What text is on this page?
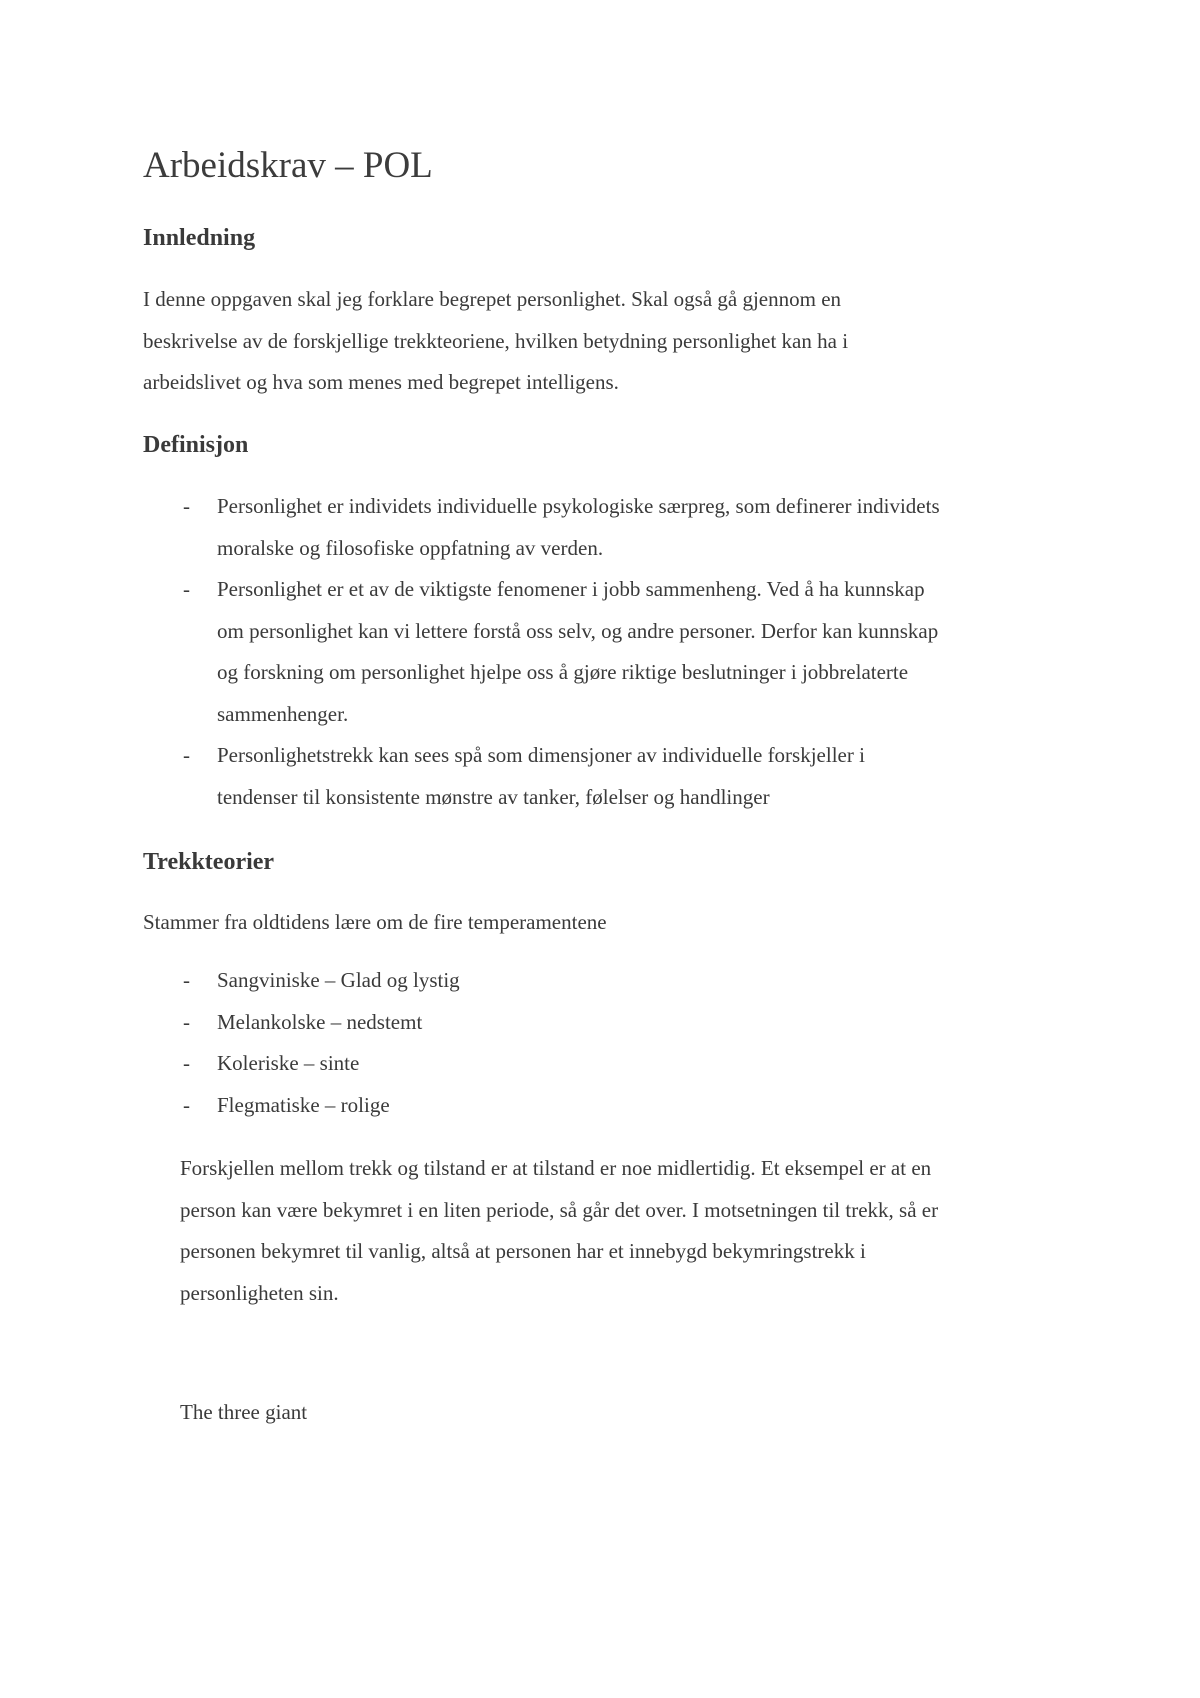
Arbeidskrav – POL
Innledning

I denne oppgaven skal jeg forklare begrepet personlighet. Skal også gå gjennom en
beskrivelse av de forskjellige trekkteoriene, hvilken betydning personlighet kan ha i
arbeidslivet og hva som menes med begrepet intelligens.

Definisjon
- Personlighet er individets individuelle psykologiske særpreg, som definerer individets
moralske og filosofiske oppfatning av verden.
- Personlighet er et av de viktigste fenomener i jobb sammenheng. Ved å ha kunnskap
om personlighet kan vi lettere forstå oss selv, og andre personer. Derfor kan kunnskap
og forskning om personlighet hjelpe oss å gjøre riktige beslutninger i jobbrelaterte
sammenhenger.
- Personlighetstrekk kan sees spå som dimensjoner av individuelle forskjeller i
tendenser til konsistente mønstre av tanker, følelser og handlinger
Trekkteorier

Stammer fra oldtidens lære om de fire temperamentene

- Sangviniske – Glad og lystig
- Melankolske – nedstemt
- Koleriske – sinte
- Flegmatiske – rolige

Forskjellen mellom trekk og tilstand er at tilstand er noe midlertidig. Et eksempel er at en
person kan være bekymret i en liten periode, så går det over. I motsetningen til trekk, så er
personen bekymret til vanlig, altså at personen har et innebygd bekymringstrekk i
personligheten sin.

The three giant
